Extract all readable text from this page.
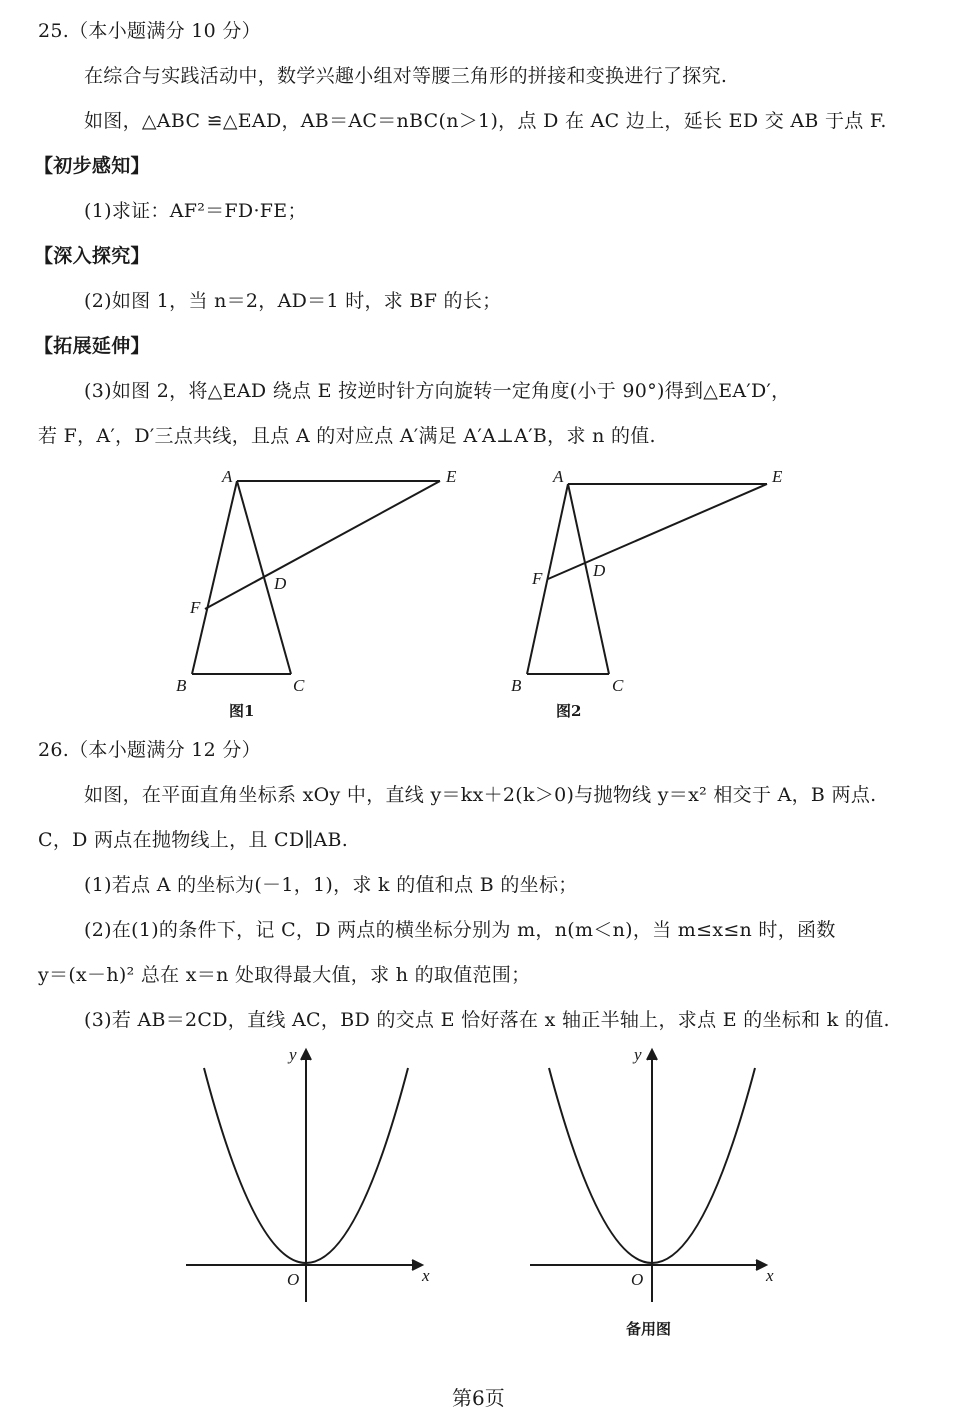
25.（本小题满分 10 分）
在综合与实践活动中，数学兴趣小组对等腰三角形的拼接和变换进行了探究.
如图，△ABC ≌△EAD，AB＝AC＝nBC(n＞1)，点 D 在 AC 边上，延长 ED 交 AB 于点 F.
【初步感知】
(1)求证：AF²＝FD·FE；
【深入探究】
(2)如图 1，当 n＝2，AD＝1 时，求 BF 的长；
【拓展延伸】
(3)如图 2，将△EAD 绕点 E 按逆时针方向旋转一定角度(小于 90°)得到△EA′D′，
若 F，A′，D′三点共线，且点 A 的对应点 A′满足 A′A⊥A′B，求 n 的值.
A	E
D
F
B	C
图1
A	E
D
F
B	C
图2
26.（本小题满分 12 分）
如图，在平面直角坐标系 xOy 中，直线 y＝kx＋2(k＞0)与抛物线 y＝x² 相交于 A，B 两点.
C，D 两点在抛物线上，且 CD∥AB.
(1)若点 A 的坐标为(－1，1)，求 k 的值和点 B 的坐标；
(2)在(1)的条件下，记 C，D 两点的横坐标分别为 m，n(m＜n)，当 m≤x≤n 时，函数
y＝(x－h)² 总在 x＝n 处取得最大值，求 h 的取值范围；
(3)若 AB＝2CD，直线 AC，BD 的交点 E 恰好落在 x 轴正半轴上，求点 E 的坐标和 k 的值.
y
x
O
y
x
O
备用图
第6页
